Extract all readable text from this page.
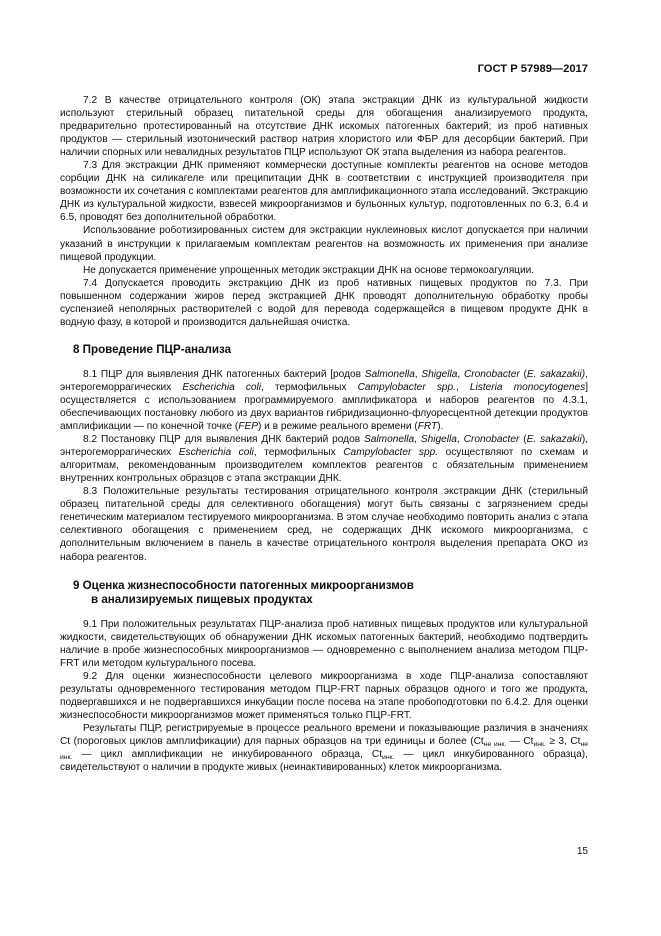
ГОСТ Р 57989—2017

7.2 В качестве отрицательного контроля (ОК) этапа экстракции ДНК из культуральной жидкости используют стерильный образец питательной среды для обогащения анализируемого продукта, предварительно протестированный на отсутствие ДНК искомых патогенных бактерий; из проб нативных продуктов — стерильный изотонический раствор натрия хлористого или ФБР для десорбции бактерий. При наличии спорных или невалидных результатов ПЦР используют ОК этапа выделения из набора реагентов.

7.3 Для экстракции ДНК применяют коммерчески доступные комплекты реагентов на основе методов сорбции ДНК на силикагеле или преципитации ДНК в соответствии с инструкцией производителя при возможности их сочетания с комплектами реагентов для амплификационного этапа исследований. Экстракцию ДНК из культуральной жидкости, взвесей микроорганизмов и бульонных культур, подготовленных по 6.3, 6.4 и 6.5, проводят без дополнительной обработки.

Использование роботизированных систем для экстракции нуклеиновых кислот допускается при наличии указаний в инструкции к прилагаемым комплектам реагентов на возможность их применения при анализе пищевой продукции.

Не допускается применение упрощенных методик экстракции ДНК на основе термокоагуляции.

7.4 Допускается проводить экстракцию ДНК из проб нативных пищевых продуктов по 7.3. При повышенном содержании жиров перед экстракцией ДНК проводят дополнительную обработку пробы суспензией неполярных растворителей с водой для перевода содержащейся в пищевом продукте ДНК в водную фазу, в которой и производится дальнейшая очистка.

8 Проведение ПЦР-анализа

8.1 ПЦР для выявления ДНК патогенных бактерий [родов Salmonella, Shigella, Cronobacter (E. sakazakii), энтерогеморрагических Escherichia coli, термофильных Campylobacter spp., Listeria monocytogenes] осуществляется с использованием программируемого амплификатора и наборов реагентов по 4.3.1, обеспечивающих постановку любого из двух вариантов гибридизационно-флуоресцентной детекции продуктов амплификации — по конечной точке (FEP) и в режиме реального времени (FRT).

8.2 Постановку ПЦР для выявления ДНК бактерий родов Salmonella, Shigella, Cronobacter (E. sakazakii), энтерогеморрагических Escherichia coli, термофильных Campylobacter spp. осуществляют по схемам и алгоритмам, рекомендованным производителем комплектов реагентов с обязательным применением внутренних контрольных образцов с этапа экстракции ДНК.

8.3 Положительные результаты тестирования отрицательного контроля экстракции ДНК (стерильный образец питательной среды для селективного обогащения) могут быть связаны с загрязнением среды генетическим материалом тестируемого микроорганизма. В этом случае необходимо повторить анализ с этапа селективного обогащения с применением сред, не содержащих ДНК искомого микроорганизма, с дополнительным включением в панель в качестве отрицательного контроля выделения препарата ОКО из набора реагентов.

9 Оценка жизнеспособности патогенных микроорганизмов
в анализируемых пищевых продуктах

9.1 При положительных результатах ПЦР-анализа проб нативных пищевых продуктов или культуральной жидкости, свидетельствующих об обнаружении ДНК искомых патогенных бактерий, необходимо подтвердить наличие в пробе жизнеспособных микроорганизмов — одновременно с выполнением анализа методом ПЦР-FRT или методом культурального посева.

9.2 Для оценки жизнеспособности целевого микроорганизма в ходе ПЦР-анализа сопоставляют результаты одновременного тестирования методом ПЦР-FRT парных образцов одного и того же продукта, подвергавшихся и не подвергавшихся инкубации после посева на этапе пробоподготовки по 6.4.2. Для оценки жизнеспособности микроорганизмов может применяться только ПЦР-FRT.

Результаты ПЦР, регистрируемые в процессе реального времени и показывающие различия в значениях Ct (пороговых циклов амплификации) для парных образцов на три единицы и более ($Ct_{не инк.}$ — $Ct_{инк.} \ge 3$, $Ct_{не инк.}$ — цикл амплификации не инкубированного образца, $Ct_{инк.}$ — цикл инкубированного образца), свидетельствуют о наличии в продукте живых (неинактивированных) клеток микроорганизма.

15
